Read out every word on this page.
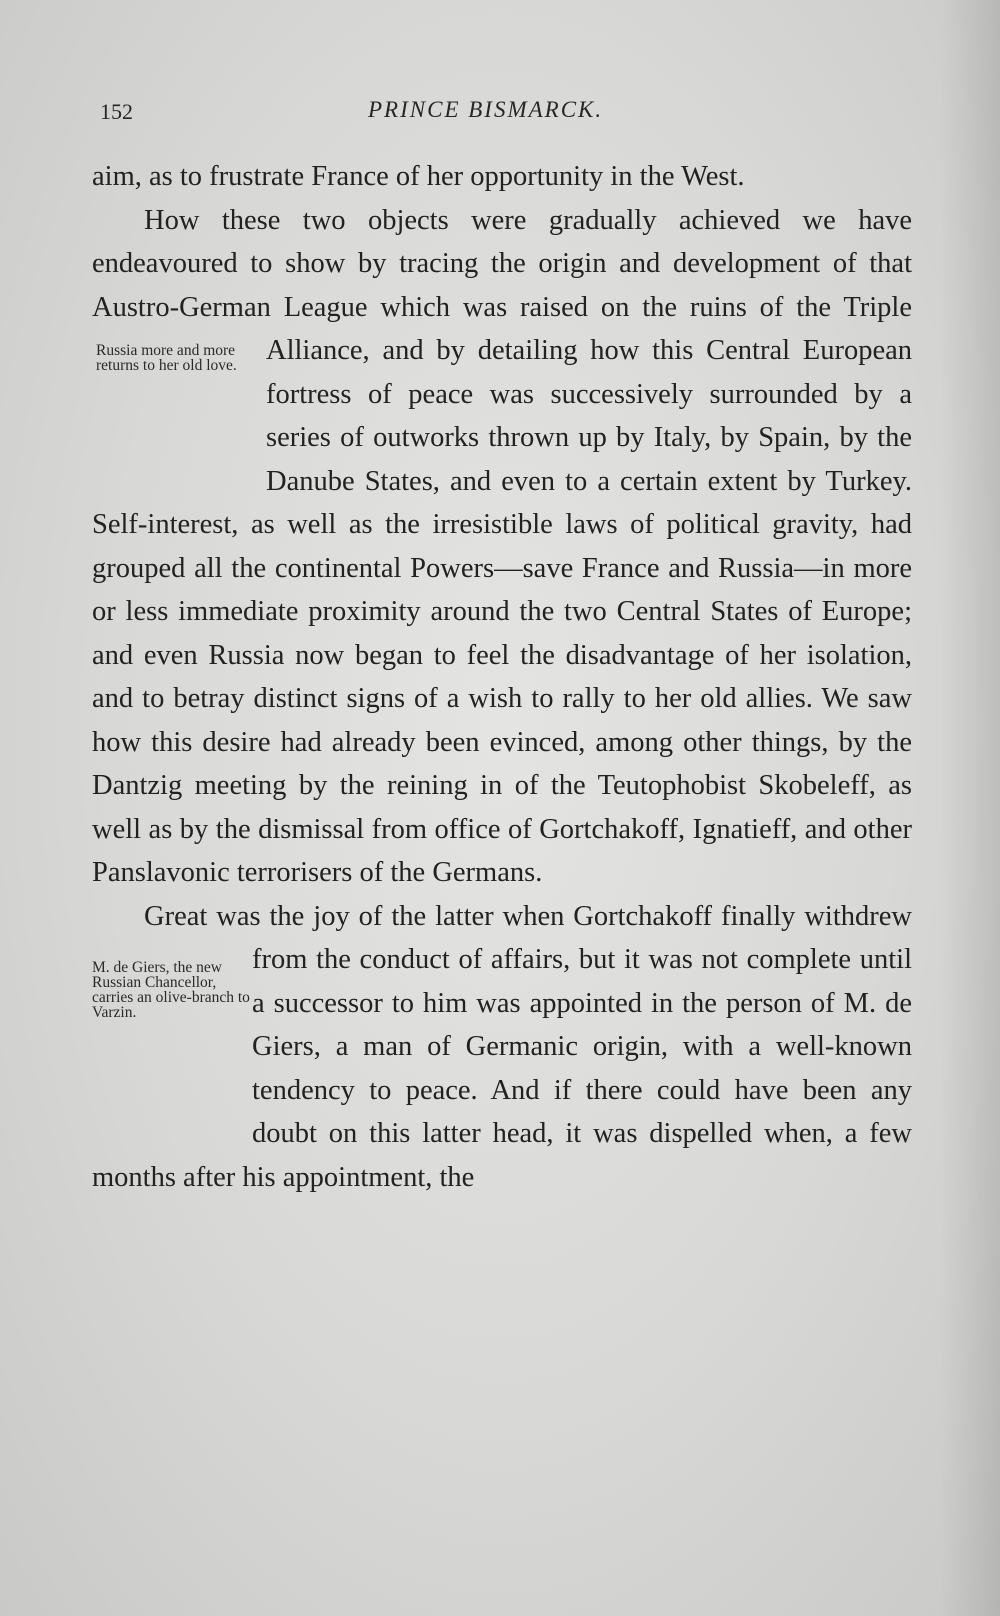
152	PRINCE BISMARCK.

aim, as to frustrate France of her opportunity in the West.

How these two objects were gradually achieved we have endeavoured to show by tracing the origin and development of that Austro-German League which was raised on the ruins of the Triple Alliance, and by
Russia more and more returns to her old love.	detailing how this Central European fortress of peace was successively surrounded by a series of outworks thrown up by Italy, by Spain, by the Danube States, and even to a certain extent by Turkey. Self-interest, as well as the irresistible laws of political gravity, had grouped all the continental Powers—save France and Russia—in more or less immediate proximity around the two Central States of Europe; and even Russia now began to feel the disadvantage of her isolation, and to betray distinct signs of a wish to rally to her old allies. We saw how this desire had already been evinced, among other things, by the Dantzig meeting by the reining in of the Teutophobist Skobeleff, as well as by the dismissal from office of Gortchakoff, Ignatieff, and other Panslavonic terrorisers of the Germans.

Great was the joy of the latter when Gortchakoff finally withdrew from the conduct of affairs, but it was
M. de Giers, the new Russian Chancellor, carries an olive-branch to Varzin.
not complete until a successor to him was appointed in the person of M. de Giers, a man of Germanic origin, with a well-known tendency to peace. And if there could have been any doubt on this latter head, it was dispelled when, a few months after his appointment, the
